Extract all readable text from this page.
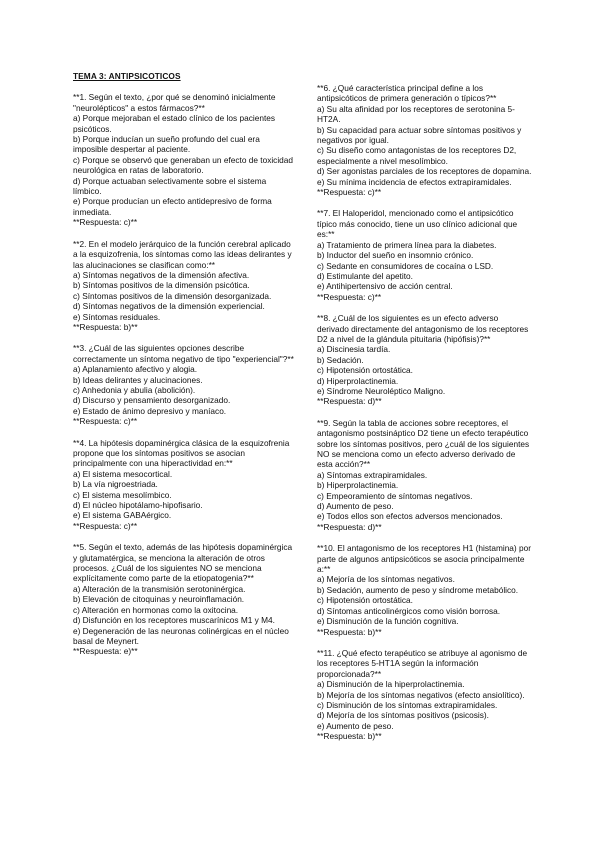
TEMA 3: ANTIPSICOTICOS
**1. Según el texto, ¿por qué se denominó inicialmente "neurolépticos" a estos fármacos?**
a) Porque mejoraban el estado clínico de los pacientes psicóticos.
b) Porque inducían un sueño profundo del cual era imposible despertar al paciente.
c) Porque se observó que generaban un efecto de toxicidad neurológica en ratas de laboratorio.
d) Porque actuaban selectivamente sobre el sistema límbico.
e) Porque producían un efecto antidepresivo de forma inmediata.
**Respuesta: c)**
**2. En el modelo jerárquico de la función cerebral aplicado a la esquizofrenia, los síntomas como las ideas delirantes y las alucinaciones se clasifican como:**
a) Síntomas negativos de la dimensión afectiva.
b) Síntomas positivos de la dimensión psicótica.
c) Síntomas positivos de la dimensión desorganizada.
d) Síntomas negativos de la dimensión experiencial.
e) Síntomas residuales.
**Respuesta: b)**
**3. ¿Cuál de las siguientes opciones describe correctamente un síntoma negativo de tipo "experiencial"?**
a) Aplanamiento afectivo y alogia.
b) Ideas delirantes y alucinaciones.
c) Anhedonia y abulia (abolición).
d) Discurso y pensamiento desorganizado.
e) Estado de ánimo depresivo y maníaco.
**Respuesta: c)**
**4. La hipótesis dopaminérgica clásica de la esquizofrenia propone que los síntomas positivos se asocian principalmente con una hiperactividad en:**
a) El sistema mesocortical.
b) La vía nigroestriada.
c) El sistema mesolímbico.
d) El núcleo hipotálamo-hipofisario.
e) El sistema GABAérgico.
**Respuesta: c)**
**5. Según el texto, además de las hipótesis dopaminérgica y glutamatérgica, se menciona la alteración de otros procesos. ¿Cuál de los siguientes NO se menciona explícitamente como parte de la etiopatogenia?**
a) Alteración de la transmisión serotoninérgica.
b) Elevación de citoquinas y neuroinflamación.
c) Alteración en hormonas como la oxitocina.
d) Disfunción en los receptores muscarínicos M1 y M4.
e) Degeneración de las neuronas colinérgicas en el núcleo basal de Meynert.
**Respuesta: e)**
**6. ¿Qué característica principal define a los antipsicóticos de primera generación o típicos?**
a) Su alta afinidad por los receptores de serotonina 5-HT2A.
b) Su capacidad para actuar sobre síntomas positivos y negativos por igual.
c) Su diseño como antagonistas de los receptores D2, especialmente a nivel mesolímbico.
d) Ser agonistas parciales de los receptores de dopamina.
e) Su mínima incidencia de efectos extrapiramidales.
**Respuesta: c)**
**7. El Haloperidol, mencionado como el antipsicótico típico más conocido, tiene un uso clínico adicional que es:**
a) Tratamiento de primera línea para la diabetes.
b) Inductor del sueño en insomnio crónico.
c) Sedante en consumidores de cocaína o LSD.
d) Estimulante del apetito.
e) Antihipertensivo de acción central.
**Respuesta: c)**
**8. ¿Cuál de los siguientes es un efecto adverso derivado directamente del antagonismo de los receptores D2 a nivel de la glándula pituitaria (hipófisis)?**
a) Discinesia tardía.
b) Sedación.
c) Hipotensión ortostática.
d) Hiperprolactinemia.
e) Síndrome Neuroléptico Maligno.
**Respuesta: d)**
**9. Según la tabla de acciones sobre receptores, el antagonismo postsináptico D2 tiene un efecto terapéutico sobre los síntomas positivos, pero ¿cuál de los siguientes NO se menciona como un efecto adverso derivado de esta acción?**
a) Síntomas extrapiramidales.
b) Hiperprolactinemia.
c) Empeoramiento de síntomas negativos.
d) Aumento de peso.
e) Todos ellos son efectos adversos mencionados.
**Respuesta: d)**
**10. El antagonismo de los receptores H1 (histamina) por parte de algunos antipsicóticos se asocia principalmente a:**
a) Mejoría de los síntomas negativos.
b) Sedación, aumento de peso y síndrome metabólico.
c) Hipotensión ortostática.
d) Síntomas anticolinérgicos como visión borrosa.
e) Disminución de la función cognitiva.
**Respuesta: b)**
**11. ¿Qué efecto terapéutico se atribuye al agonismo de los receptores 5-HT1A según la información proporcionada?**
a) Disminución de la hiperprolactinemia.
b) Mejoría de los síntomas negativos (efecto ansiolítico).
c) Disminución de los síntomas extrapiramidales.
d) Mejoría de los síntomas positivos (psicosis).
e) Aumento de peso.
**Respuesta: b)**
